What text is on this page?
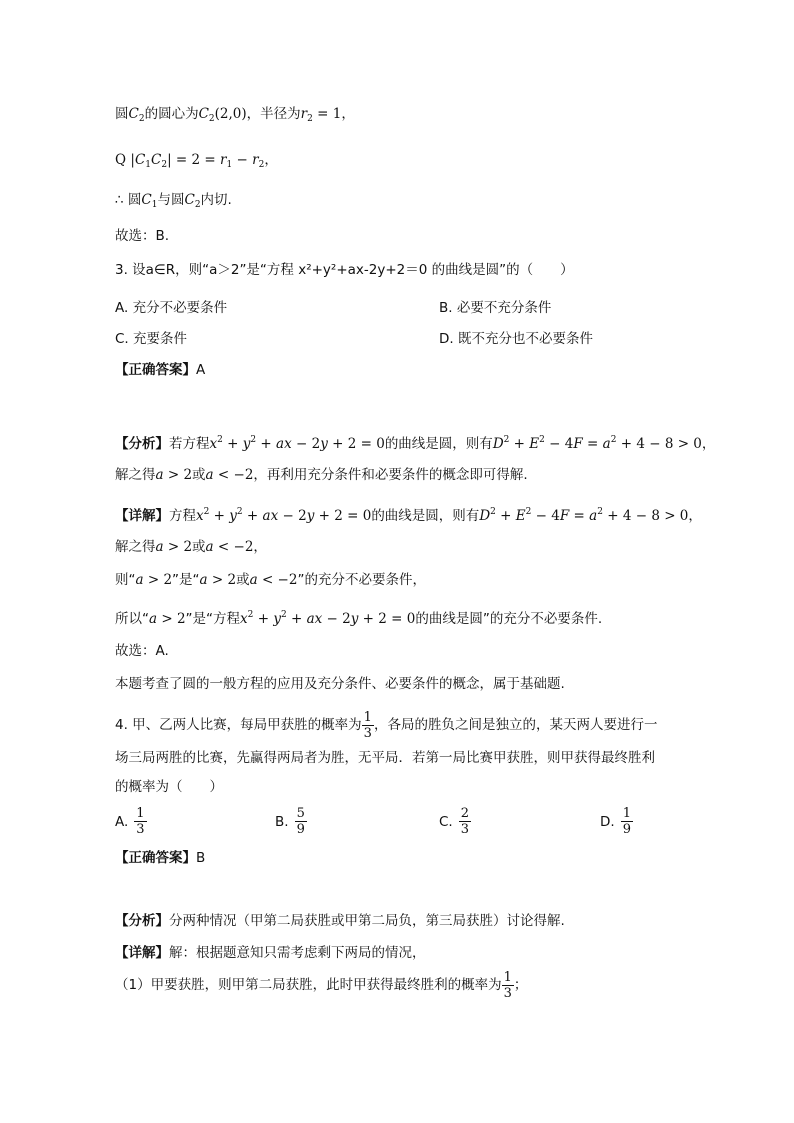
圆$C_2$的圆心为$C_2(2,0)$，半径为$r_2 = 1$，
Q $|C_1C_2| = 2 = r_1 - r_2$，
∴ 圆$C_1$与圆$C_2$内切.
故选：B.
3. 设a∈R，则“a＞2”是“方程 x²+y²+ax-2y+2＝0 的曲线是圆”的（　　）
A. 充分不必要条件	B. 必要不充分条件
C. 充要条件	D. 既不充分也不必要条件
【正确答案】A
【分析】若方程$x^2 + y^2$ + ax − 2y + 2 = 0的曲线是圆，则有$D^2 + E^2 - 4F = a^2 + 4 - 8 > 0$，
解之得a > 2或a < −2，再利用充分条件和必要条件的概念即可得解.
【详解】方程$x^2 + y^2$ + ax − 2y + 2 = 0的曲线是圆，则有$D^2 + E^2 - 4F = a^2 + 4 - 8 > 0$，
解之得a > 2或a < −2，
则“a > 2”是“a > 2或a < −2”的充分不必要条件，
所以“a > 2”是“方程$x^2 + y^2$ + ax − 2y + 2 = 0的曲线是圆”的充分不必要条件.
故选：A.
本题考查了圆的一般方程的应用及充分条件、必要条件的概念，属于基础题.
4. 甲、乙两人比赛，每局甲获胜的概率为 $\frac{1}{3}$ ，各局的胜负之间是独立的，某天两人要进行一
场三局两胜的比赛，先赢得两局者为胜，无平局．若第一局比赛甲获胜，则甲获得最终胜利
的概率为（　　）
A. $\frac{1}{3}$	B. $\frac{5}{9}$	C. $\frac{2}{3}$	D. $\frac{1}{9}$
【正确答案】B
【分析】分两种情况（甲第二局获胜或甲第二局负，第三局获胜）讨论得解.
【详解】解：根据题意知只需考虑剩下两局的情况，
（1）甲要获胜，则甲第二局获胜，此时甲获得最终胜利的概率为 $\frac{1}{3}$ ；
